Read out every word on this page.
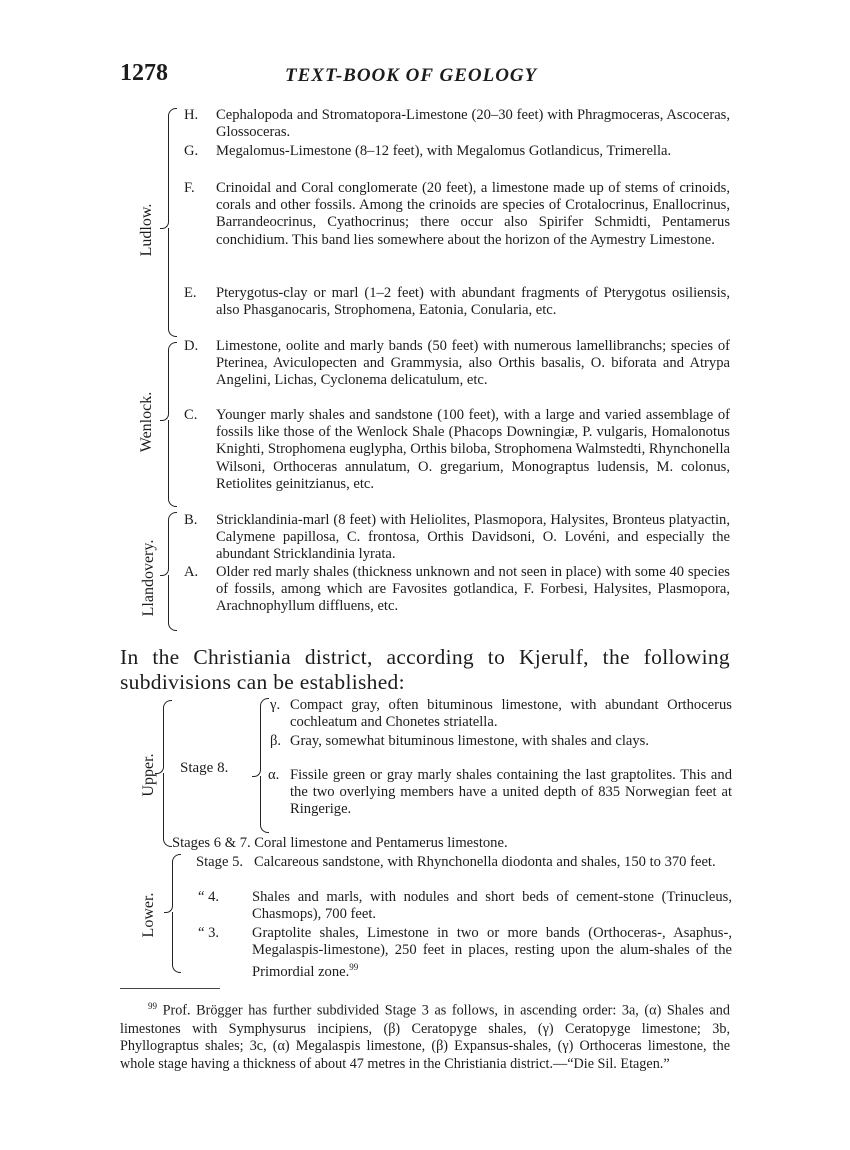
1278	TEXT-BOOK OF GEOLOGY
Ludlow.
Wenlock.
Llandovery.
H. Cephalopoda and Stromatopora-Limestone (20–30 feet) with Phragmoceras, Ascoceras, Glossoceras.
G. Megalomus-Limestone (8–12 feet), with Megalomus Gotlandicus, Trimerella.
F. Crinoidal and Coral conglomerate (20 feet), a limestone made up of stems of crinoids, corals and other fossils. Among the crinoids are species of Crotalocrinus, Enallocrinus, Barrandeocrinus, Cyathocrinus; there occur also Spirifer Schmidti, Pentamerus conchidium. This band lies somewhere about the horizon of the Aymestry Limestone.
E. Pterygotus-clay or marl (1–2 feet) with abundant fragments of Pterygotus osiliensis, also Phasganocaris, Strophomena, Eatonia, Conularia, etc.
D. Limestone, oolite and marly bands (50 feet) with numerous lamellibranchs; species of Pterinea, Aviculopecten and Grammysia, also Orthis basalis, O. biforata and Atrypa Angelini, Lichas, Cyclonema delicatulum, etc.
C. Younger marly shales and sandstone (100 feet), with a large and varied assemblage of fossils like those of the Wenlock Shale (Phacops Downingiæ, P. vulgaris, Homalonotus Knighti, Strophomena euglypha, Orthis biloba, Strophomena Walmstedti, Rhynchonella Wilsoni, Orthoceras annulatum, O. gregarium, Monograptus ludensis, M. colonus, Retiolites geinitzianus, etc.
B. Stricklandinia-marl (8 feet) with Heliolites, Plasmopora, Halysites, Bronteus platyactin, Calymene papillosa, C. frontosa, Orthis Davidsoni, O. Lovéni, and especially the abundant Stricklandinia lyrata.
A. Older red marly shales (thickness unknown and not seen in place) with some 40 species of fossils, among which are Favosites gotlandica, F. Forbesi, Halysites, Plasmopora, Arachnophyllum diffluens, etc.
In the Christiania district, according to Kjerulf, the following subdivisions can be established:
Upper.
Lower.
Stage 8.
γ. Compact gray, often bituminous limestone, with abundant Orthocerus cochleatum and Chonetes striatella.
β. Gray, somewhat bituminous limestone, with shales and clays.
α. Fissile green or gray marly shales containing the last graptolites. This and the two overlying members have a united depth of 835 Norwegian feet at Ringerige.
Stages 6 & 7. Coral limestone and Pentamerus limestone.
Stage 5. Calcareous sandstone, with Rhynchonella diodonta and shales, 150 to 370 feet.
“ 4. Shales and marls, with nodules and short beds of cement-stone (Trinucleus, Chasmops), 700 feet.
“ 3. Graptolite shales, Limestone in two or more bands (Orthoceras-, Asaphus-, Megalaspis-limestone), 250 feet in places, resting upon the alum-shales of the Primordial zone.$^{99}$
$^{99}$ Prof. Brögger has further subdivided Stage 3 as follows, in ascending order: 3a, (α) Shales and limestones with Symphysurus incipiens, (β) Ceratopyge shales, (γ) Ceratopyge limestone; 3b, Phyllograptus shales; 3c, (α) Megalaspis limestone, (β) Expansus-shales, (γ) Orthoceras limestone, the whole stage having a thickness of about 47 metres in the Christiania district.—“Die Sil. Etagen.”
